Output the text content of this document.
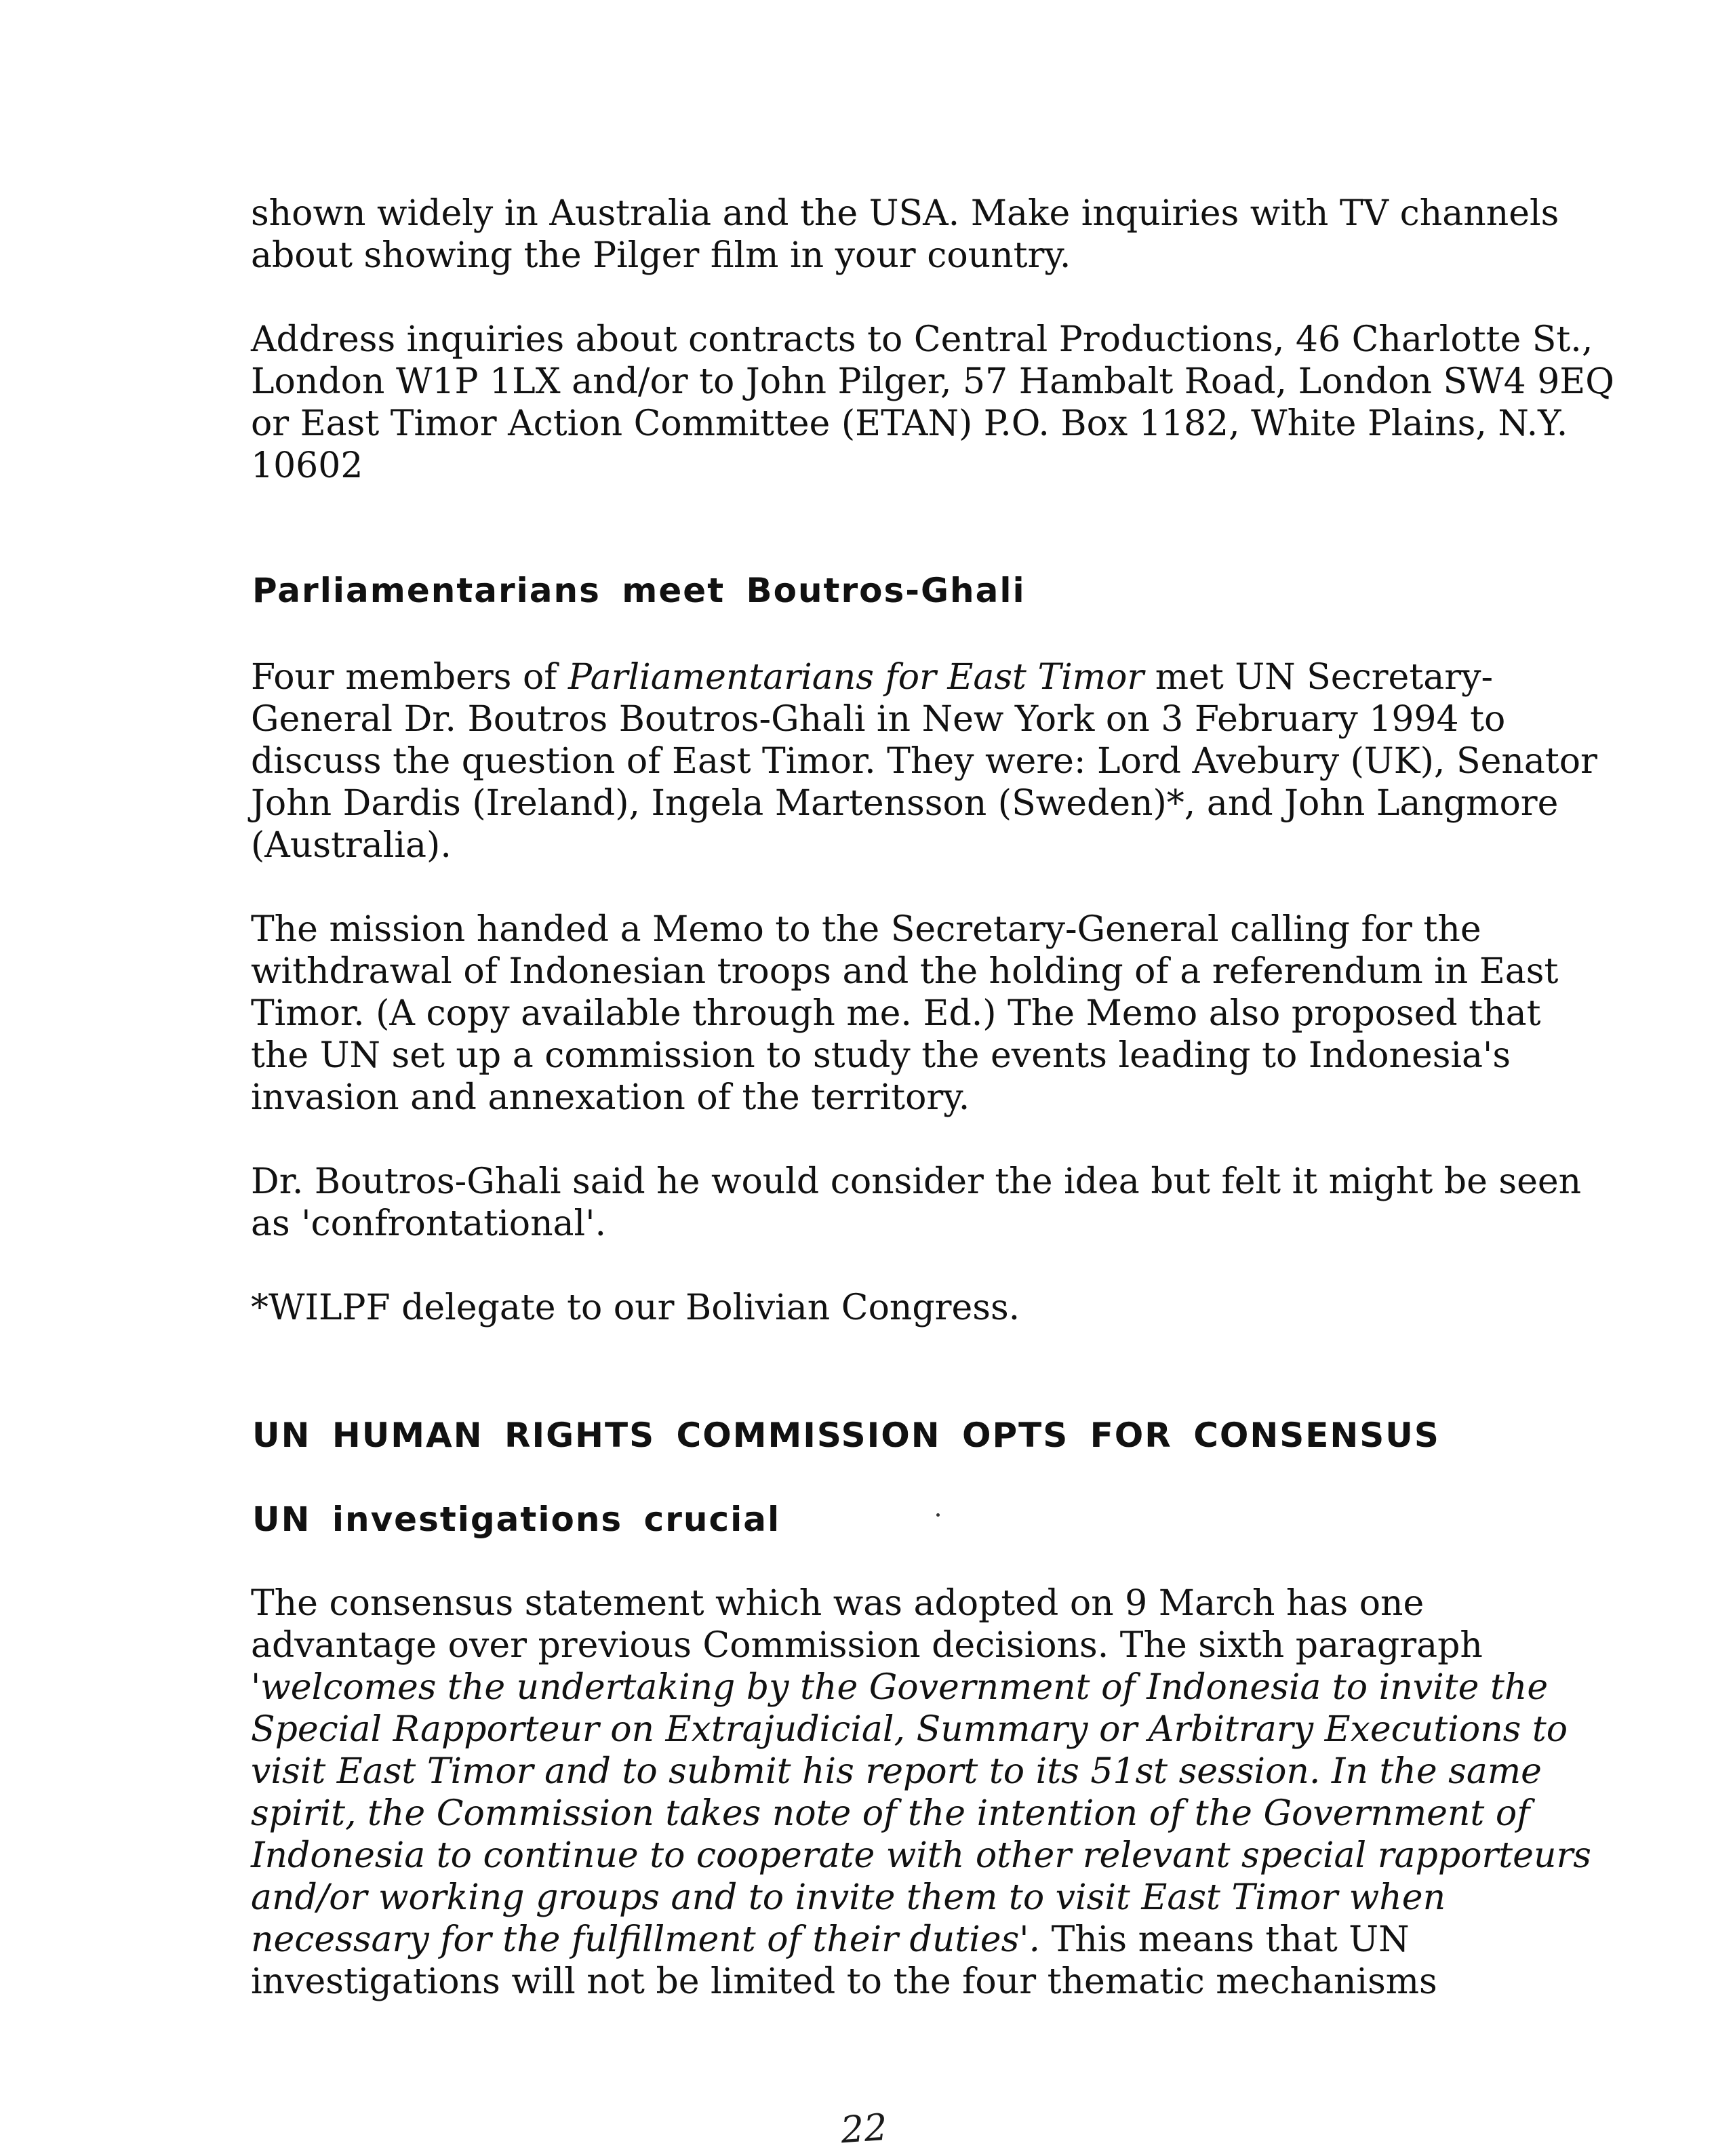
shown widely in Australia and the USA. Make inquiries with TV channels
about showing the Pilger film in your country.

Address inquiries about contracts to Central Productions, 46 Charlotte St.,
London W1P 1LX and/or to John Pilger, 57 Hambalt Road, London SW4 9EQ
or East Timor Action Committee (ETAN) P.O. Box 1182, White Plains, N.Y.
10602

Parliamentarians meet Boutros-Ghali

Four members of Parliamentarians for East Timor met UN Secretary-
General Dr. Boutros Boutros-Ghali in New York on 3 February 1994 to
discuss the question of East Timor. They were: Lord Avebury (UK), Senator
John Dardis (Ireland), Ingela Martensson (Sweden)*, and John Langmore
(Australia).

The mission handed a Memo to the Secretary-General calling for the
withdrawal of Indonesian troops and the holding of a referendum in East
Timor. (A copy available through me. Ed.) The Memo also proposed that
the UN set up a commission to study the events leading to Indonesia's
invasion and annexation of the territory.

Dr. Boutros-Ghali said he would consider the idea but felt it might be seen
as 'confrontational'.

*WILPF delegate to our Bolivian Congress.

UN HUMAN RIGHTS COMMISSION OPTS FOR CONSENSUS
UN investigations crucial

The consensus statement which was adopted on 9 March has one
advantage over previous Commission decisions. The sixth paragraph
'welcomes the undertaking by the Government of Indonesia to invite the
Special Rapporteur on Extrajudicial, Summary or Arbitrary Executions to
visit East Timor and to submit his report to its 51st session. In the same
spirit, the Commission takes note of the intention of the Government of
Indonesia to continue to cooperate with other relevant special rapporteurs
and/or working groups and to invite them to visit East Timor when
necessary for the fulfillment of their duties'. This means that UN
investigations will not be limited to the four thematic mechanisms

22
